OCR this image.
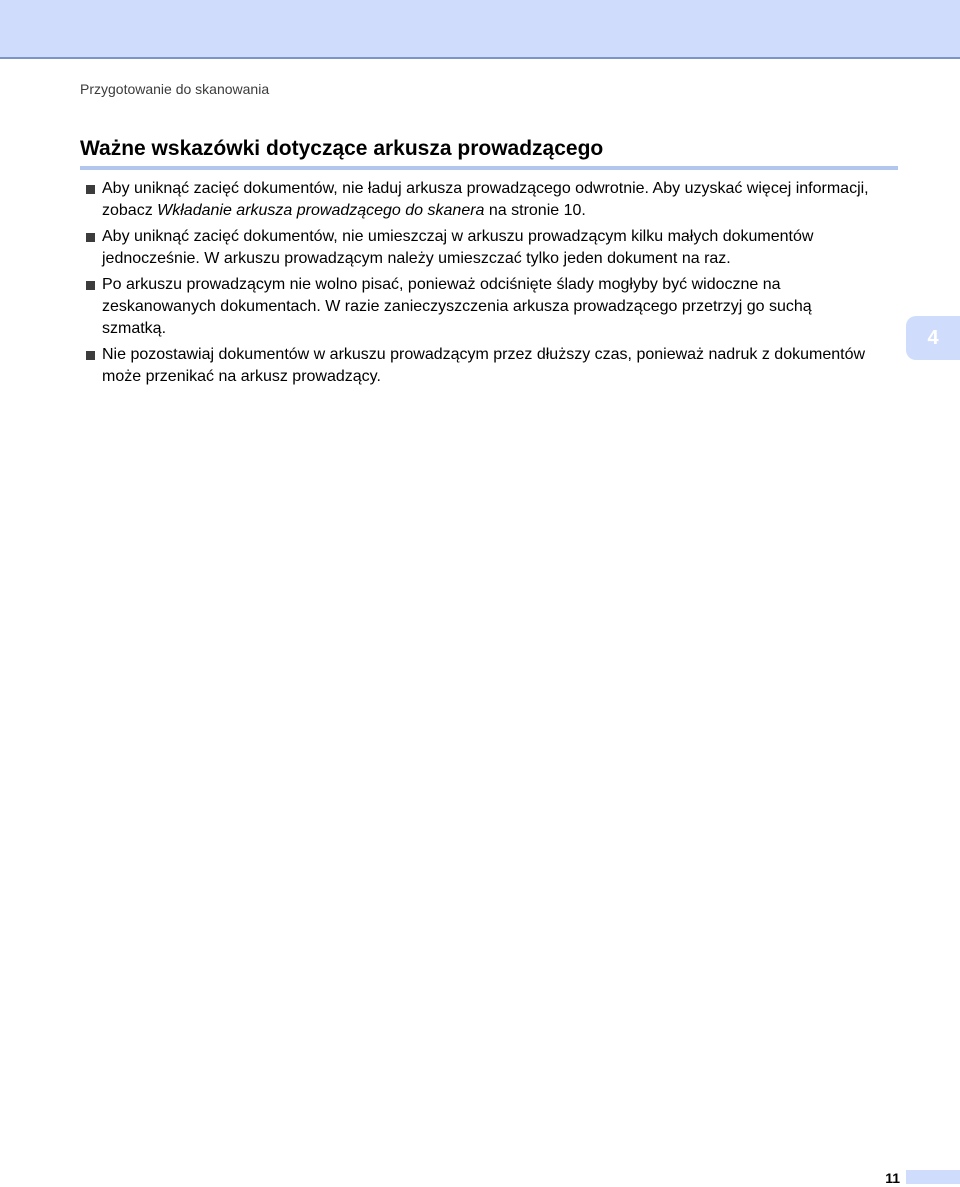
Przygotowanie do skanowania
Ważne wskazówki dotyczące arkusza prowadzącego
Aby uniknąć zacięć dokumentów, nie ładuj arkusza prowadzącego odwrotnie. Aby uzyskać więcej informacji, zobacz Wkładanie arkusza prowadzącego do skanera na stronie 10.
Aby uniknąć zacięć dokumentów, nie umieszczaj w arkuszu prowadzącym kilku małych dokumentów jednocześnie. W arkuszu prowadzącym należy umieszczać tylko jeden dokument na raz.
Po arkuszu prowadzącym nie wolno pisać, ponieważ odciśnięte ślady mogłyby być widoczne na zeskanowanych dokumentach. W razie zanieczyszczenia arkusza prowadzącego przetrzyj go suchą szmatką.
Nie pozostawiaj dokumentów w arkuszu prowadzącym przez dłuższy czas, ponieważ nadruk z dokumentów może przenikać na arkusz prowadzący.
4
11
